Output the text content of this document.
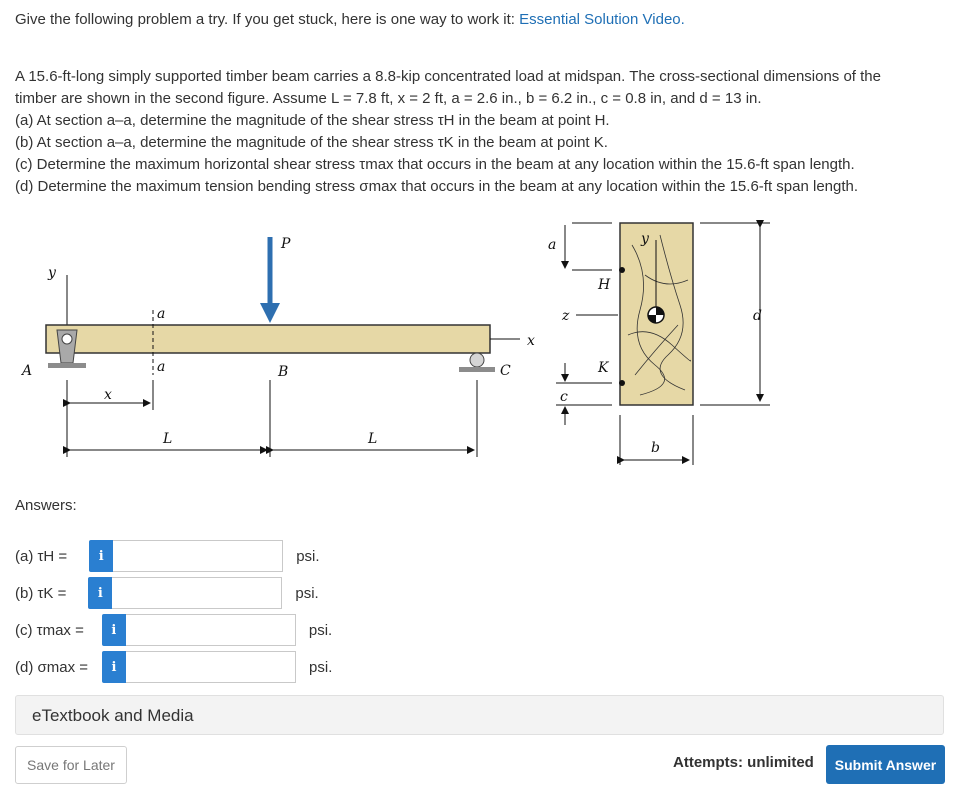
Give the following problem a try. If you get stuck, here is one way to work it: Essential Solution Video.

A 15.6-ft-long simply supported timber beam carries a 8.8-kip concentrated load at midspan. The cross-sectional dimensions of the

timber are shown in the second figure. Assume L = 7.8 ft, x = 2 ft, a = 2.6 in., b = 6.2 in., c = 0.8 in, and d = 13 in.

(a) At section a–a, determine the magnitude of the shear stress τH in the beam at point H.

(b) At section a–a, determine the magnitude of the shear stress τK in the beam at point K.

(c) Determine the maximum horizontal shear stress τmax that occurs in the beam at any location within the 15.6-ft span length.

(d) Determine the maximum tension bending stress σmax that occurs in the beam at any location within the 15.6-ft span length.

y
x
A	C
P
a
a	B
x
L	L
y
H
K
z
a
c
d
b
Answers:
(a) τH =	i	psi.
(b) τK =	i	psi.
(c) τmax =	i	psi.
(d) σmax =	i	psi.
eTextbook and Media
Save for Later	Attempts: unlimited	Submit Answer
